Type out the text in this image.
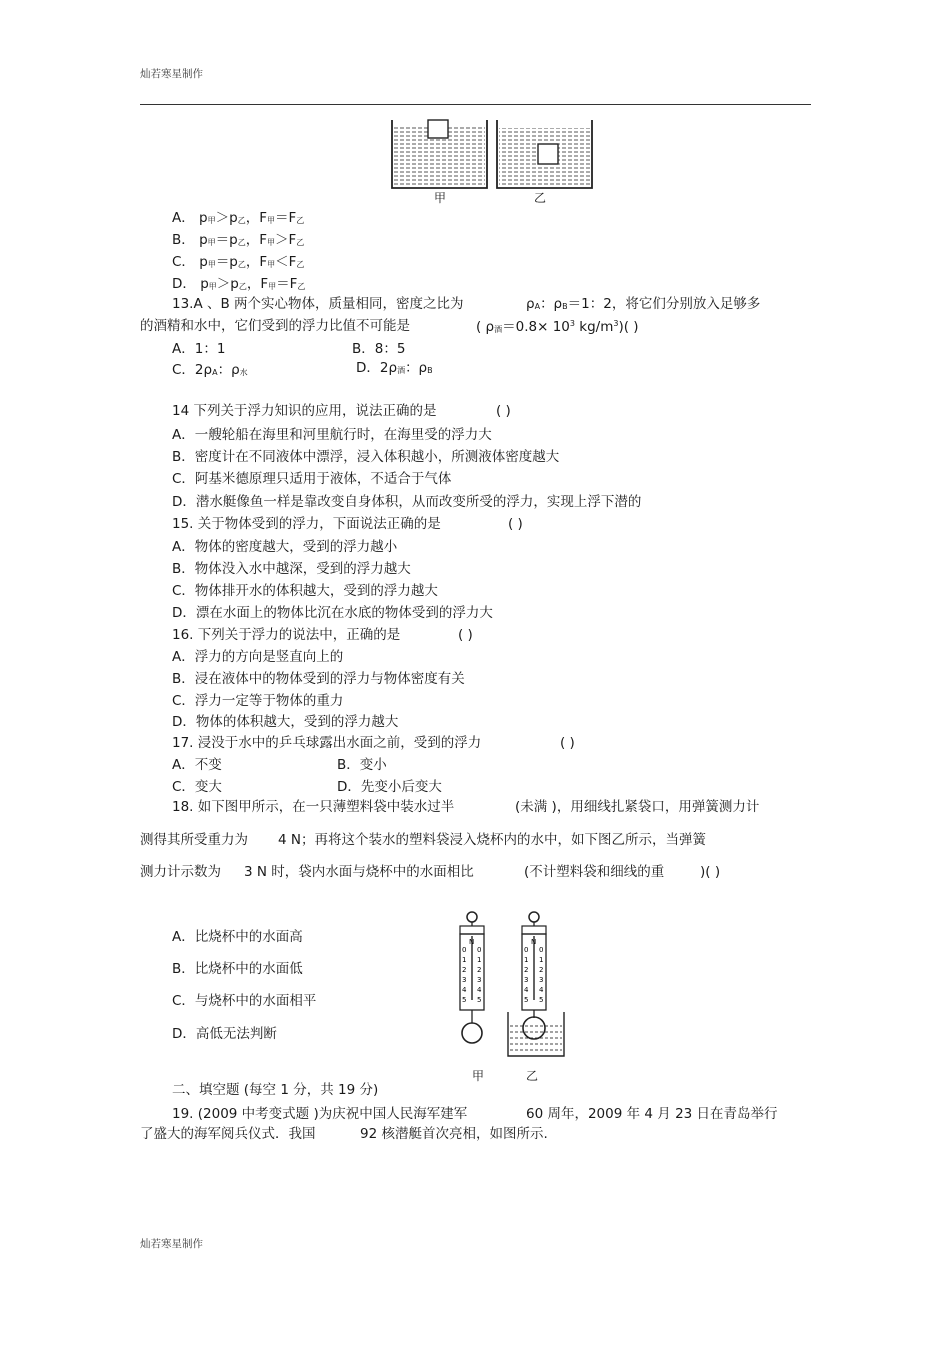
灿若寒星制作
甲	乙
A． p甲＞p乙，F甲＝F乙
B． p甲＝p乙，F甲＞F乙
C． p甲＝p乙，F甲＜F乙
D． p甲＞p乙，F甲＝F乙
13.A 、B 两个实心物体，质量相同，密度之比为	ρA：ρB＝1：2，将它们分别放入足够多
的酒精和水中，它们受到的浮力比值不可能是	( ρ酒$=0.8\times 10^3$ $kg/m^3$)( )
A．1：1	B．8：5
C．2ρA：ρ水	D．2ρ酒：ρB
14 下列关于浮力知识的应用，说法正确的是	( )
A．一艘轮船在海里和河里航行时，在海里受的浮力大
B．密度计在不同液体中漂浮，浸入体积越小，所测液体密度越大
C．阿基米德原理只适用于液体，不适合于气体
D．潜水艇像鱼一样是靠改变自身体积，从而改变所受的浮力，实现上浮下潜的
15. 关于物体受到的浮力，下面说法正确的是	( )
A．物体的密度越大，受到的浮力越小
B．物体没入水中越深，受到的浮力越大
C．物体排开水的体积越大，受到的浮力越大
D．漂在水面上的物体比沉在水底的物体受到的浮力大
16. 下列关于浮力的说法中，正确的是	( )
A．浮力的方向是竖直向上的
B．浸在液体中的物体受到的浮力与物体密度有关
C．浮力一定等于物体的重力
D．物体的体积越大，受到的浮力越大
17. 浸没于水中的乒乓球露出水面之前，受到的浮力	( )
A．不变	B．变小
C．变大	D．先变小后变大
18. 如下图甲所示，在一只薄塑料袋中装水过半	(未满 )，用细线扎紧袋口，用弹簧测力计
测得其所受重力为 4 N；再将这个装水的塑料袋浸入烧杯内的水中，如下图乙所示，当弹簧
测力计示数为 3 N 时，袋内水面与烧杯中的水面相比	(不计塑料袋和细线的重	)( )
A．比烧杯中的水面高
B．比烧杯中的水面低
C．与烧杯中的水面相平
D．高低无法判断
N
0 0
1 1
2 2
3 3
4 4
5 5
N
0 0
1 1
2 2
3 3
4 4
5 5
甲	乙
二、填空题 (每空 1 分，共 19 分)
19. (2009 中考变式题 )为庆祝中国人民海军建军	60 周年，2009 年 4 月 23 日在青岛举行
了盛大的海军阅兵仪式．我国	92 核潜艇首次亮相，如图所示.
灿若寒星制作
